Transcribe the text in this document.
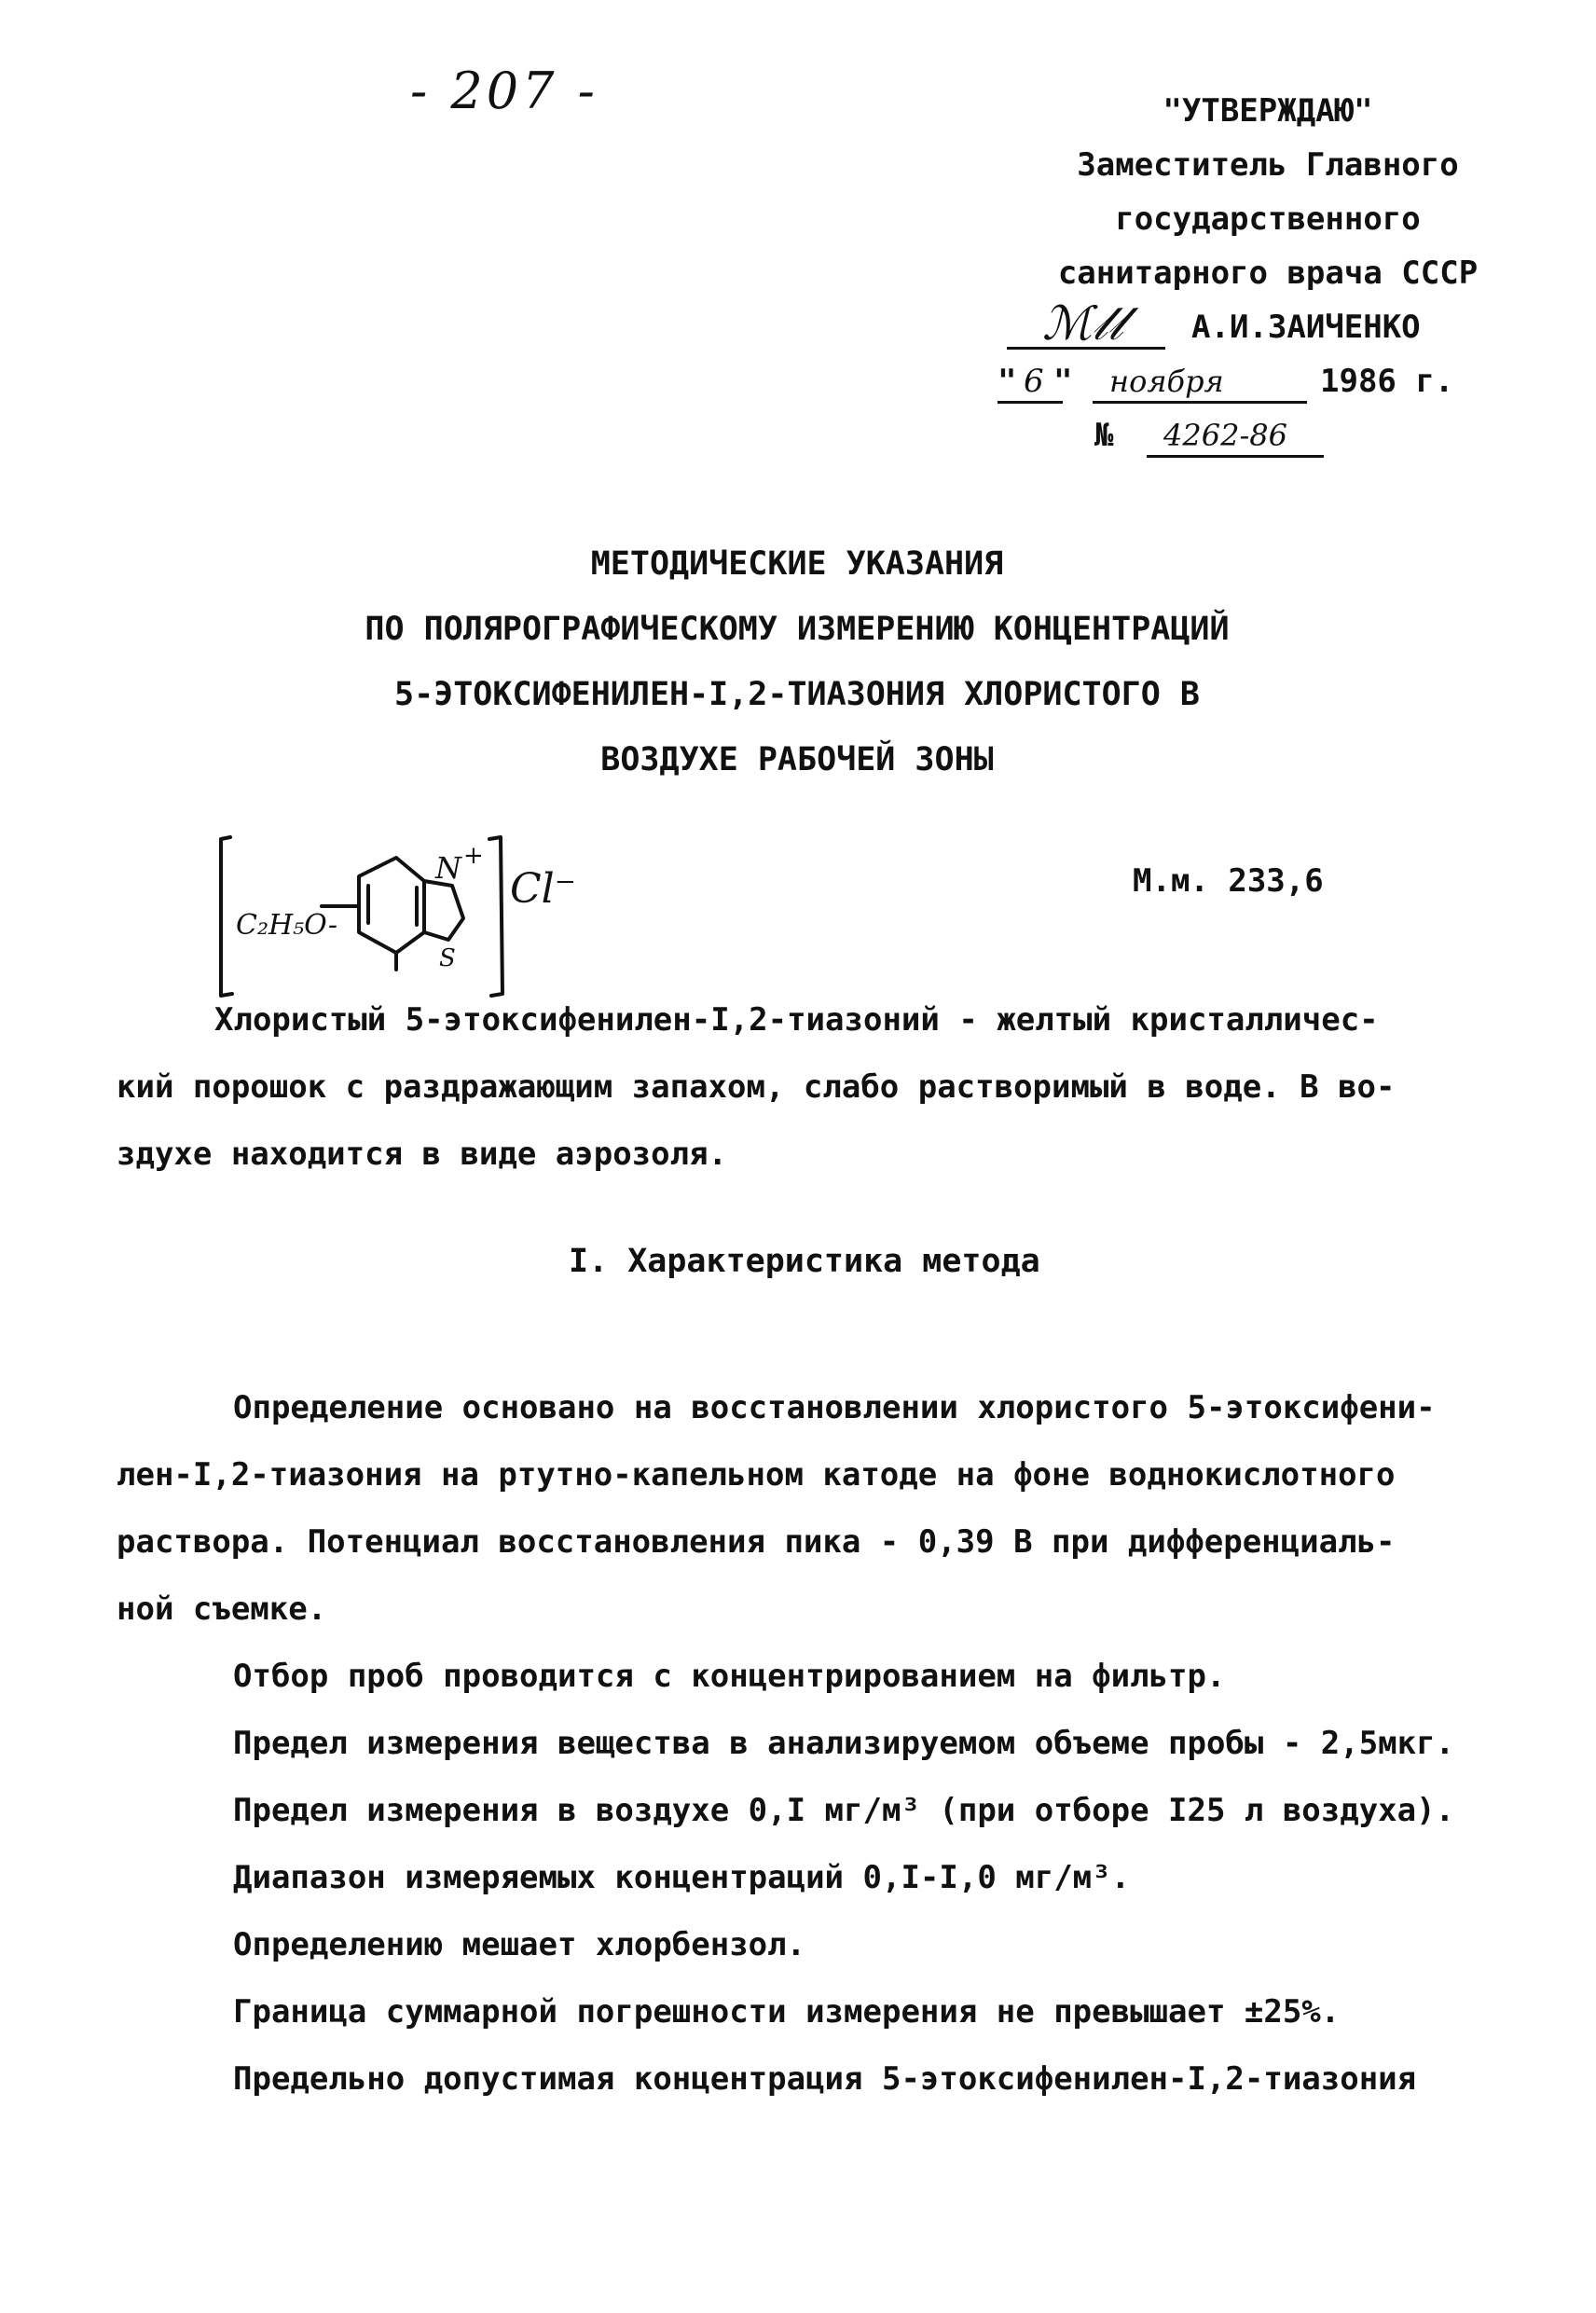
- 207 -	"УТВЕРЖДАЮ"
Заместитель Главного
государственного
санитарного врача СССР
ℳ𝓁𝓁 А.И.ЗАИЧЕНКО
" 6 " ноября	1986 г.
№ 4262-86
МЕТОДИЧЕСКИЕ УКАЗАНИЯ
ПО ПОЛЯРОГРАФИЧЕСКОМУ ИЗМЕРЕНИЮ КОНЦЕНТРАЦИЙ
5-ЭТОКСИФЕНИЛЕН-I,2-ТИАЗОНИЯ ХЛОРИСТОГО В
ВОЗДУХЕ РАБОЧЕЙ ЗОНЫ
C₂H₅O-
N +
S
Cl⁻	М.м. 233,6
Хлористый 5-этоксифенилен-I,2-тиазоний - желтый кристалличес-
кий порошок с раздражающим запахом, слабо растворимый в воде. В во-
здухе находится в виде аэрозоля.
I. Характеристика метода
Определение основано на восстановлении хлористого 5-этоксифени-
лен-I,2-тиазония на ртутно-капельном катоде на фоне воднокислотного
раствора. Потенциал восстановления пика - 0,39 В при дифференциаль-
ной съемке.
Отбор проб проводится с концентрированием на фильтр.
Предел измерения вещества в анализируемом объеме пробы - 2,5мкг.
Предел измерения в воздухе 0,I мг/м³ (при отборе I25 л воздуха).
Диапазон измеряемых концентраций 0,I-I,0 мг/м³.
Определению мешает хлорбензол.
Граница суммарной погрешности измерения не превышает ±25%.
Предельно допустимая концентрация 5-этоксифенилен-I,2-тиазония
